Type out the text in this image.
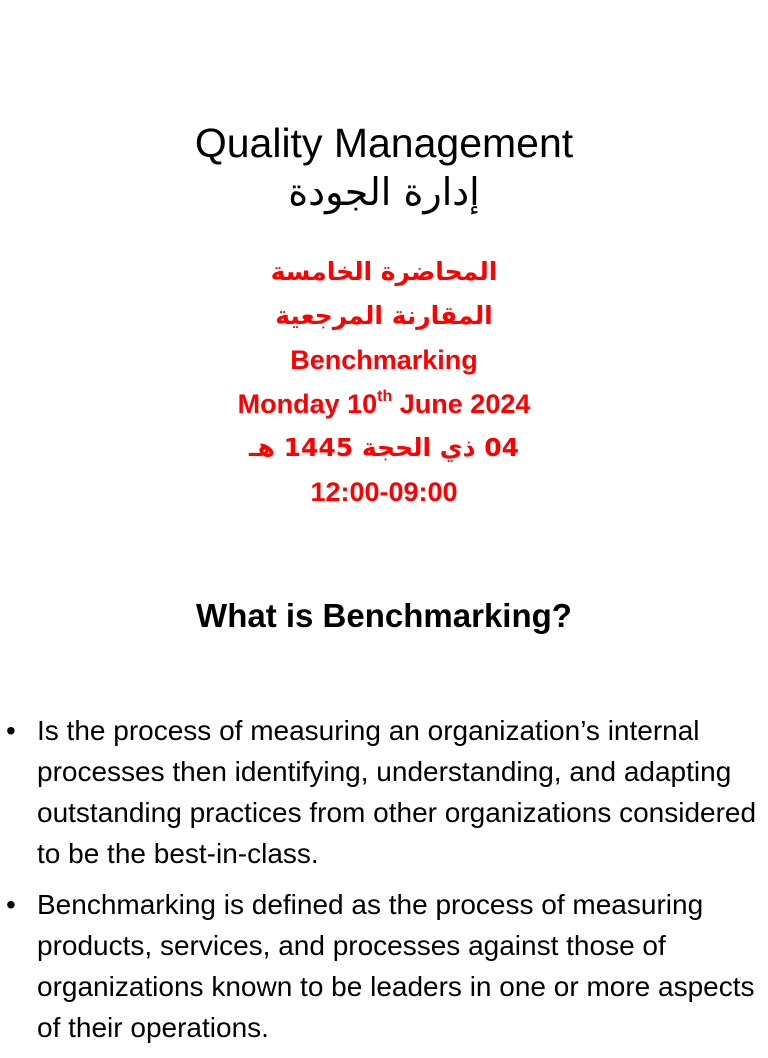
Quality Management
إدارة الجودة
المحاضرة الخامسة
المقارنة المرجعية
Benchmarking
Monday 10th June 2024
04 ذي الحجة 1445 هـ
12:00-09:00
What is Benchmarking?
• Is the process of measuring an organization’s internal processes then identifying, understanding, and adapting outstanding practices from other organizations considered to be the best-in-class.
• Benchmarking is defined as the process of measuring products, services, and processes against those of organizations known to be leaders in one or more aspects of their operations.
